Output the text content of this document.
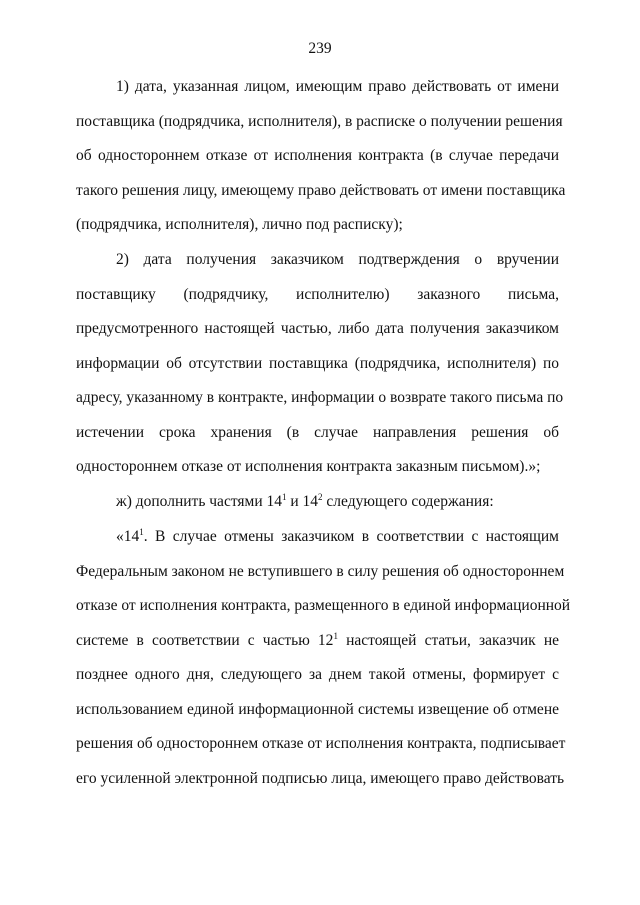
239
1) дата, указанная лицом, имеющим право действовать от имени
поставщика (подрядчика, исполнителя), в расписке о получении решения
об одностороннем отказе от исполнения контракта (в случае передачи
такого решения лицу, имеющему право действовать от имени поставщика
(подрядчика, исполнителя), лично под расписку);
2) дата получения заказчиком подтверждения о вручении
поставщику (подрядчику, исполнителю) заказного письма,
предусмотренного настоящей частью, либо дата получения заказчиком
информации об отсутствии поставщика (подрядчика, исполнителя) по
адресу, указанному в контракте, информации о возврате такого письма по
истечении срока хранения (в случае направления решения об
одностороннем отказе от исполнения контракта заказным письмом).»;
ж) дополнить частями $14^1$ и $14^2$ следующего содержания:
«$14^1$. В случае отмены заказчиком в соответствии с настоящим
Федеральным законом не вступившего в силу решения об одностороннем
отказе от исполнения контракта, размещенного в единой информационной
системе в соответствии с частью $12^1$ настоящей статьи, заказчик не
позднее одного дня, следующего за днем такой отмены, формирует с
использованием единой информационной системы извещение об отмене
решения об одностороннем отказе от исполнения контракта, подписывает
его усиленной электронной подписью лица, имеющего право действовать
